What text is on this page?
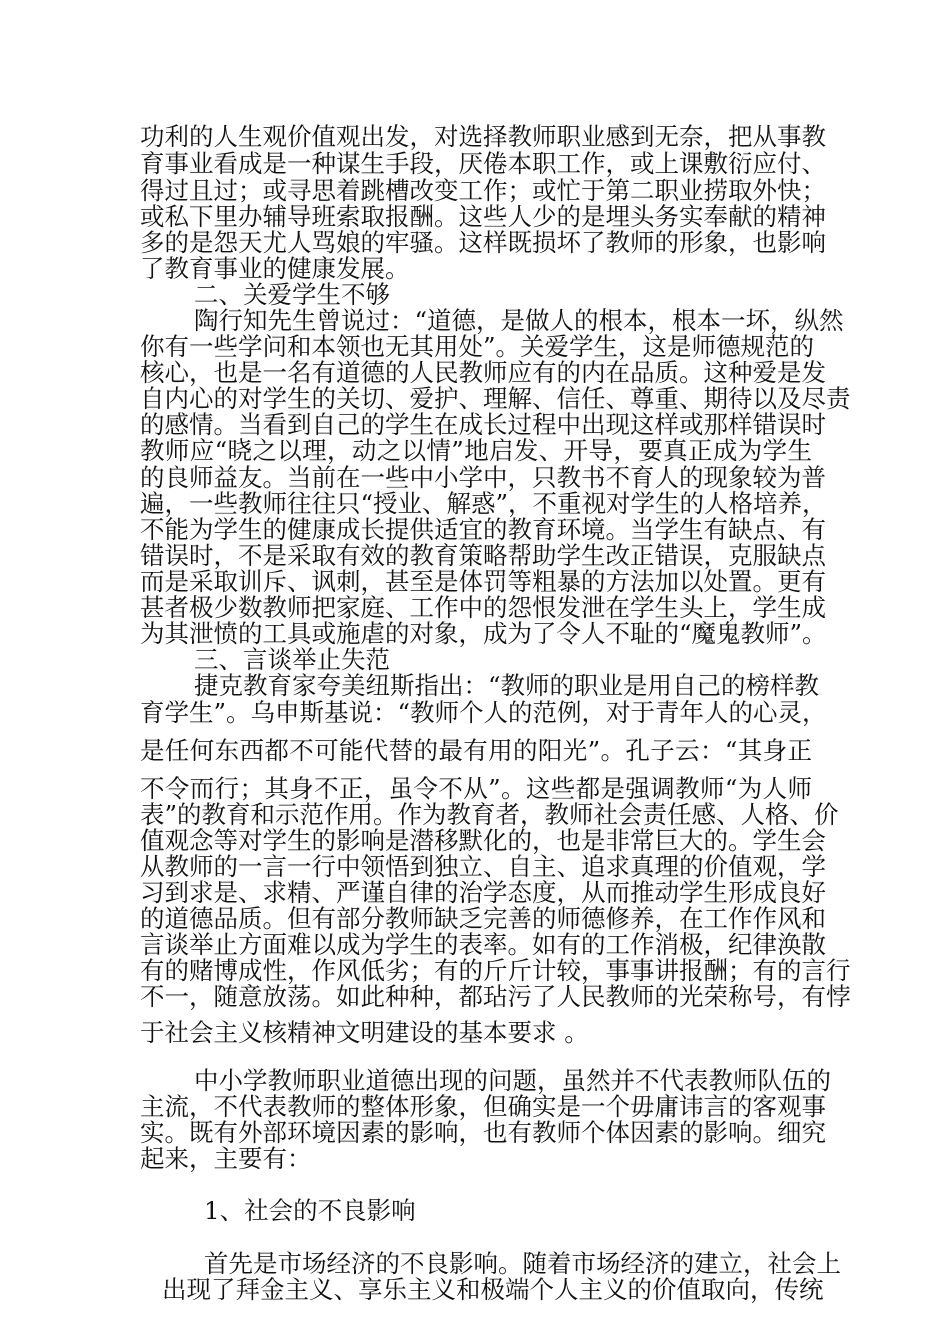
功利的人生观价值观出发，对选择教师职业感到无奈，把从事教
育事业看成是一种谋生手段，厌倦本职工作，或上课敷衍应付、
得过且过；或寻思着跳槽改变工作；或忙于第二职业捞取外快；
或私下里办辅导班索取报酬。这些人少的是埋头务实奉献的精神
多的是怨天尤人骂娘的牢骚。这样既损坏了教师的形象，也影响
了教育事业的健康发展。
二、关爱学生不够
陶行知先生曾说过：“道德，是做人的根本，根本一坏，纵然
你有一些学问和本领也无其用处”。关爱学生，这是师德规范的
核心，也是一名有道德的人民教师应有的内在品质。这种爱是发
自内心的对学生的关切、爱护、理解、信任、尊重、期待以及尽责
的感情。当看到自己的学生在成长过程中出现这样或那样错误时
教师应“晓之以理，动之以情”地启发、开导，要真正成为学生
的良师益友。当前在一些中小学中，只教书不育人的现象较为普
遍，一些教师往往只“授业、解惑”，不重视对学生的人格培养，
不能为学生的健康成长提供适宜的教育环境。当学生有缺点、有
错误时，不是采取有效的教育策略帮助学生改正错误，克服缺点
而是采取训斥、讽刺，甚至是体罚等粗暴的方法加以处置。更有
甚者极少数教师把家庭、工作中的怨恨发泄在学生头上，学生成
为其泄愤的工具或施虐的对象，成为了令人不耻的“魔鬼教师”。
三、言谈举止失范
捷克教育家夸美纽斯指出：“教师的职业是用自己的榜样教
育学生”。乌申斯基说：“教师个人的范例，对于青年人的心灵，
是任何东西都不可能代替的最有用的阳光”。孔子云：“其身正
不令而行；其身不正，虽令不从”。这些都是强调教师“为人师
表”的教育和示范作用。作为教育者，教师社会责任感、人格、价
值观念等对学生的影响是潜移默化的，也是非常巨大的。学生会
从教师的一言一行中领悟到独立、自主、追求真理的价值观，学
习到求是、求精、严谨自律的治学态度，从而推动学生形成良好
的道德品质。但有部分教师缺乏完善的师德修养，在工作作风和
言谈举止方面难以成为学生的表率。如有的工作消极，纪律涣散
有的赌博成性，作风低劣；有的斤斤计较，事事讲报酬；有的言行
不一，随意放荡。如此种种，都玷污了人民教师的光荣称号，有悖
于社会主义核精神文明建设的基本要求 。
中小学教师职业道德出现的问题，虽然并不代表教师队伍的
主流，不代表教师的整体形象，但确实是一个毋庸讳言的客观事
实。既有外部环境因素的影响，也有教师个体因素的影响。细究
起来，主要有：
1、社会的不良影响
首先是市场经济的不良影响。随着市场经济的建立，社会上
出现了拜金主义、享乐主义和极端个人主义的价值取向，传统
